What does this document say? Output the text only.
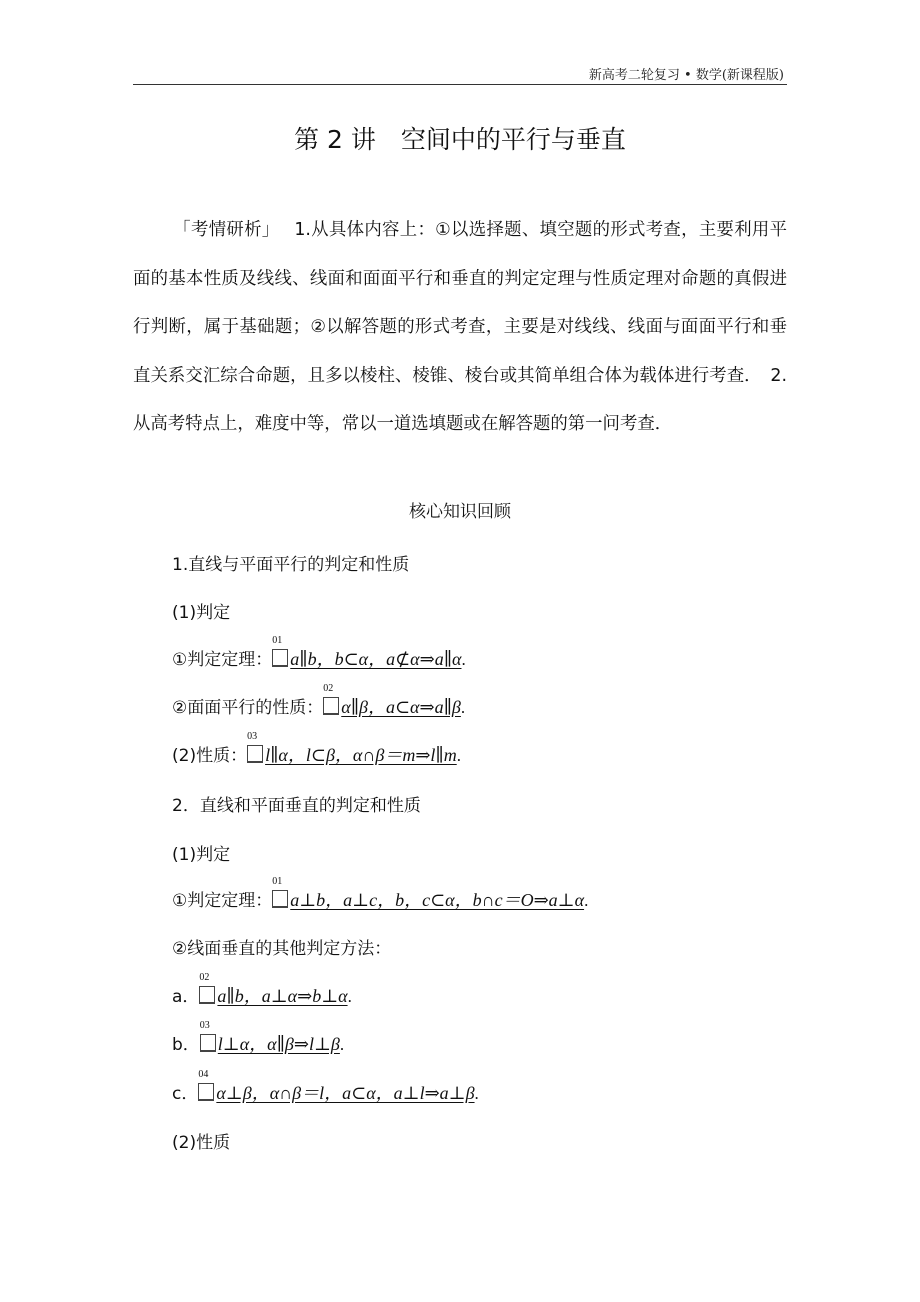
新高考二轮复习 • 数学(新课程版)
第 2 讲　空间中的平行与垂直
「考情研析」　 1.从具体内容上：①以选择题、填空题的形式考查，主要利用平面的基本性质及线线、线面和面面平行和垂直的判定定理与性质定理对命题的真假进行判断，属于基础题；②以解答题的形式考查，主要是对线线、线面与面面平行和垂直关系交汇综合命题，且多以棱柱、棱锥、棱台或其简单组合体为载体进行考查．　2.从高考特点上，难度中等，常以一道选填题或在解答题的第一问考查．
核心知识回顾
1.直线与平面平行的判定和性质
(1)判定
①判定定理：
01
a∥b，b⊂α，a⊄α⇒a∥α.
②面面平行的性质：
02
α∥β，a⊂α⇒a∥β.
(2)性质：
03
l∥α，l⊂β，α∩β＝m⇒l∥m.
2．直线和平面垂直的判定和性质
(1)判定
①判定定理：
01
a⊥b，a⊥c，b，c⊂α，b∩c＝O⇒a⊥α.
②线面垂直的其他判定方法：
a．
02
a∥b，a⊥α⇒b⊥α.
b．
03
l⊥α，α∥β⇒l⊥β.
c．
04
α⊥β，α∩β＝l，a⊂α，a⊥l⇒a⊥β.
(2)性质
